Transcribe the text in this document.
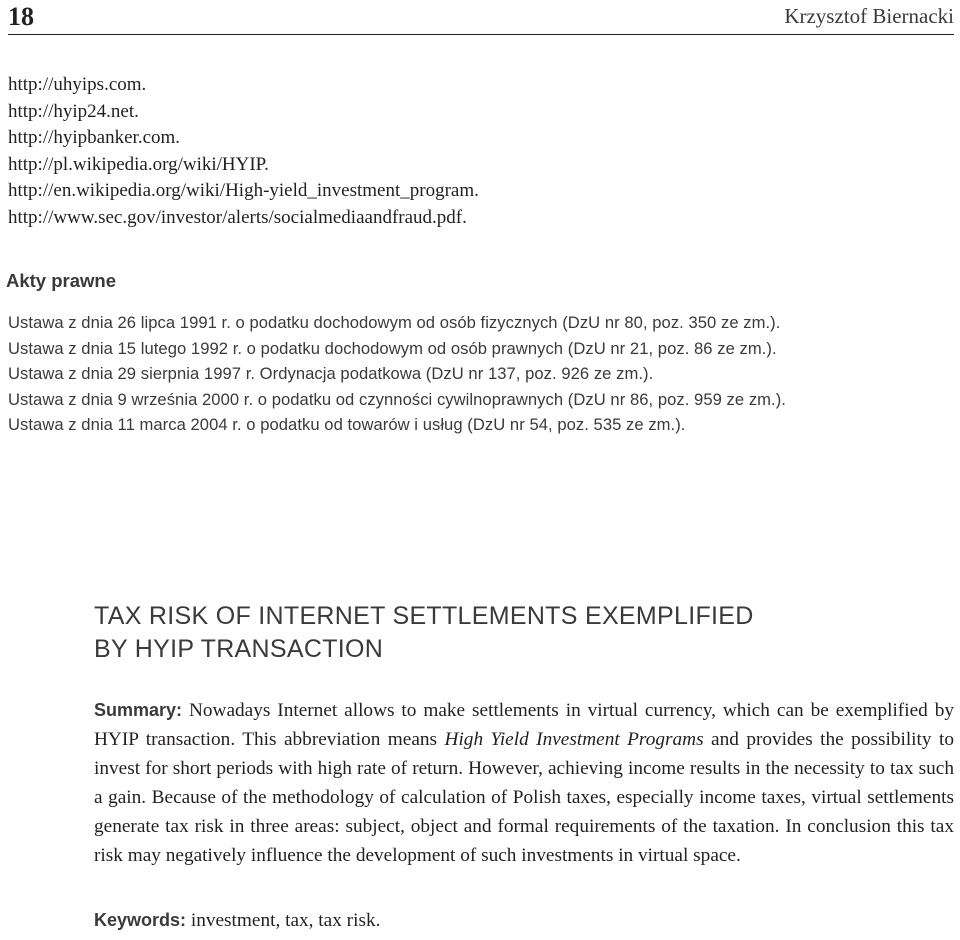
18	Krzysztof Biernacki
http://uhyips.com.
http://hyip24.net.
http://hyipbanker.com.
http://pl.wikipedia.org/wiki/HYIP.
http://en.wikipedia.org/wiki/High-yield_investment_program.
http://www.sec.gov/investor/alerts/socialmediaandfraud.pdf.
Akty prawne
Ustawa z dnia 26 lipca 1991 r. o podatku dochodowym od osób fizycznych (DzU nr 80, poz. 350 ze zm.).
Ustawa z dnia 15 lutego 1992 r. o podatku dochodowym od osób prawnych (DzU nr 21, poz. 86 ze zm.).
Ustawa z dnia 29 sierpnia 1997 r. Ordynacja podatkowa (DzU nr 137, poz. 926 ze zm.).
Ustawa z dnia 9 września 2000 r. o podatku od czynności cywilnoprawnych (DzU nr 86, poz. 959 ze zm.).
Ustawa z dnia 11 marca 2004 r. o podatku od towarów i usług (DzU nr 54, poz. 535 ze zm.).
TAX RISK OF INTERNET SETTLEMENTS EXEMPLIFIED
BY HYIP TRANSACTION
Summary: Nowadays Internet allows to make settlements in virtual currency, which can be exemplified by HYIP transaction. This abbreviation means High Yield Investment Programs and provides the possibility to invest for short periods with high rate of return. However, achieving income results in the necessity to tax such a gain. Because of the methodology of calculation of Polish taxes, especially income taxes, virtual settlements generate tax risk in three areas: subject, object and formal requirements of the taxation. In conclusion this tax risk may negatively influence the development of such investments in virtual space.
Keywords: investment, tax, tax risk.
